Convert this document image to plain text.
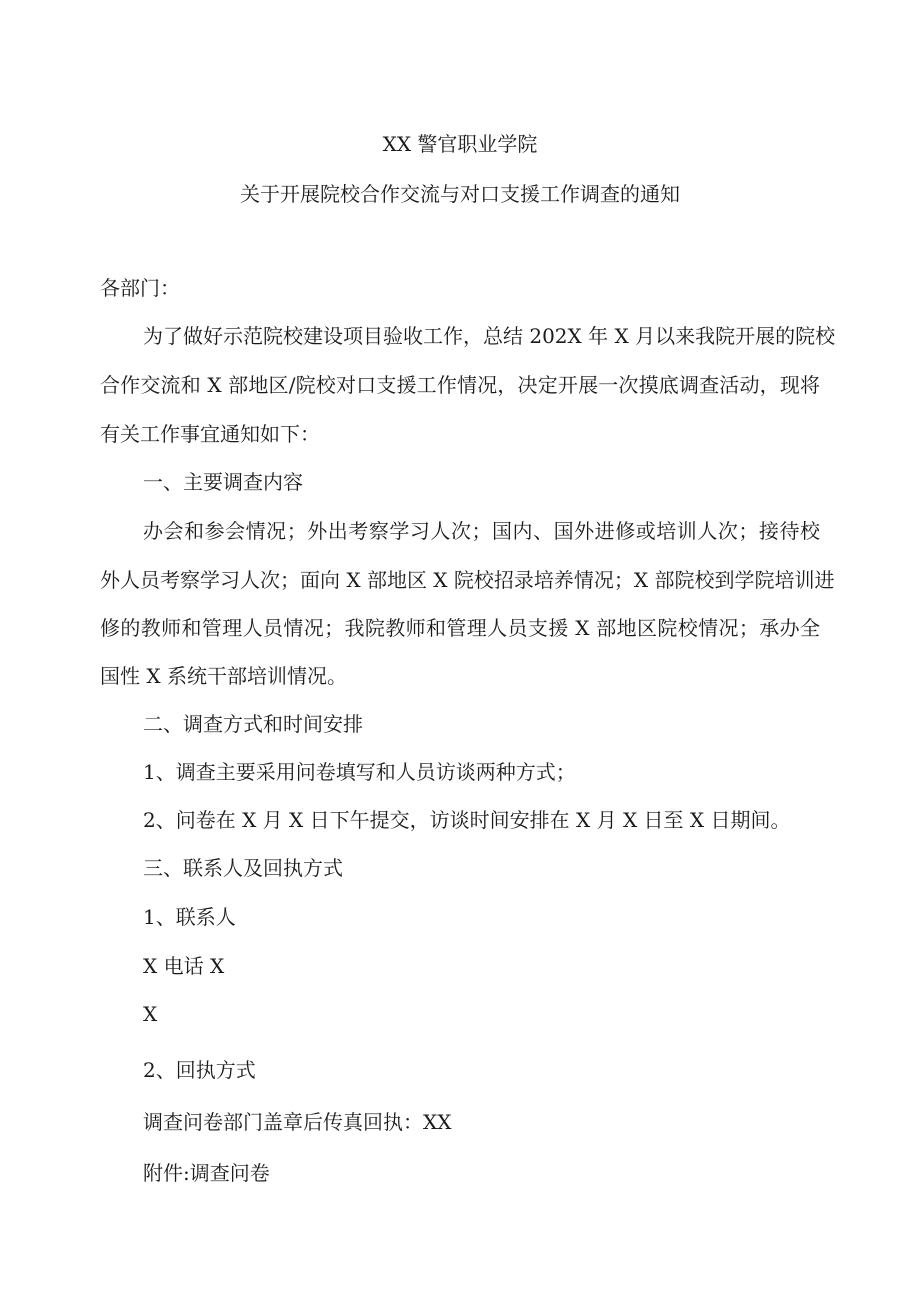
XX 警官职业学院
关于开展院校合作交流与对口支援工作调查的通知
各部门：
为了做好示范院校建设项目验收工作，总结 202X 年 X 月以来我院开展的院校
合作交流和 X 部地区/院校对口支援工作情况，决定开展一次摸底调查活动，现将
有关工作事宜通知如下：
一、主要调查内容
办会和参会情况；外出考察学习人次；国内、国外进修或培训人次；接待校
外人员考察学习人次；面向 X 部地区 X 院校招录培养情况；X 部院校到学院培训进
修的教师和管理人员情况；我院教师和管理人员支援 X 部地区院校情况；承办全
国性 X 系统干部培训情况。
二、调查方式和时间安排
1、调查主要采用问卷填写和人员访谈两种方式；
2、问卷在 X 月 X 日下午提交，访谈时间安排在 X 月 X 日至 X 日期间。
三、联系人及回执方式
1、联系人
X 电话 X
X
2、回执方式
调查问卷部门盖章后传真回执：XX
附件:调查问卷
